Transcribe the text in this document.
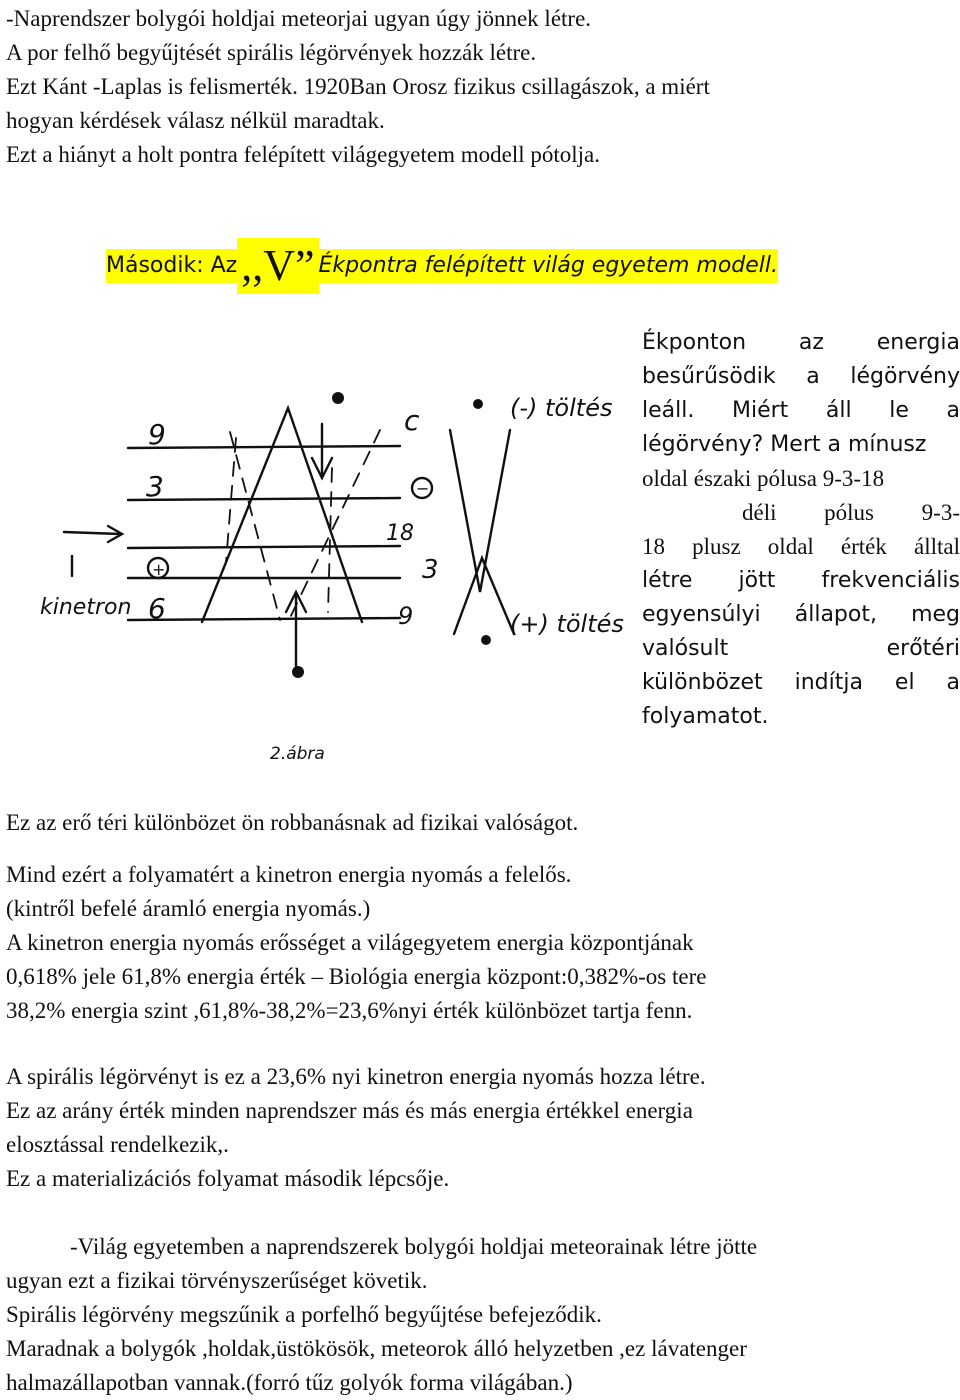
-Naprendszer bolygói holdjai meteorjai ugyan úgy jönnek létre.
A por felhő begyűjtését spirális légörvények hozzák létre.
Ezt Kánt -Laplas is felismerték. 1920Ban Orosz fizikus csillagászok, a miért
hogyan kérdések válasz nélkül maradtak.
Ezt a hiányt a holt pontra felépített világegyetem modell pótolja.
Második: Az ,,V” Ékpontra felépített világ egyetem modell.
9
3
6
+
kinetron
c
18
3
9
−
(-) töltés
(+) töltés
2.ábra
Ékponton az energia
besűrűsödik a légörvény
leáll. Miért áll le a
légörvény? Mert a mínusz
oldal északi pólusa 9-3-18
déli pólus 9-3-
18 plusz oldal érték álltal
létre jött frekvenciális
egyensúlyi állapot, meg
valósult erőtéri
különbözet indítja el a
folyamatot.
Ez az erő téri különbözet ön robbanásnak ad fizikai valóságot.
Mind ezért a folyamatért a kinetron energia nyomás a felelős.
(kintről befelé áramló energia nyomás.)
A kinetron energia nyomás erősséget a világegyetem energia központjának
0,618% jele 61,8% energia érték – Biológia energia központ:0,382%-os tere
38,2% energia szint ,61,8%-38,2%=23,6%nyi érték különbözet tartja fenn.
A spirális légörvényt is ez a 23,6% nyi kinetron energia nyomás hozza létre.
Ez az arány érték minden naprendszer más és más energia értékkel energia
elosztással rendelkezik,.
Ez a materializációs folyamat második lépcsője.
-Világ egyetemben a naprendszerek bolygói holdjai meteorainak létre jötte
ugyan ezt a fizikai törvényszerűséget követik.
Spirális légörvény megszűnik a porfelhő begyűjtése befejeződik.
Maradnak a bolygók ,holdak,üstökösök, meteorok álló helyzetben ,ez lávatenger
halmazállapotban vannak.(forró tűz golyók forma világában.)
